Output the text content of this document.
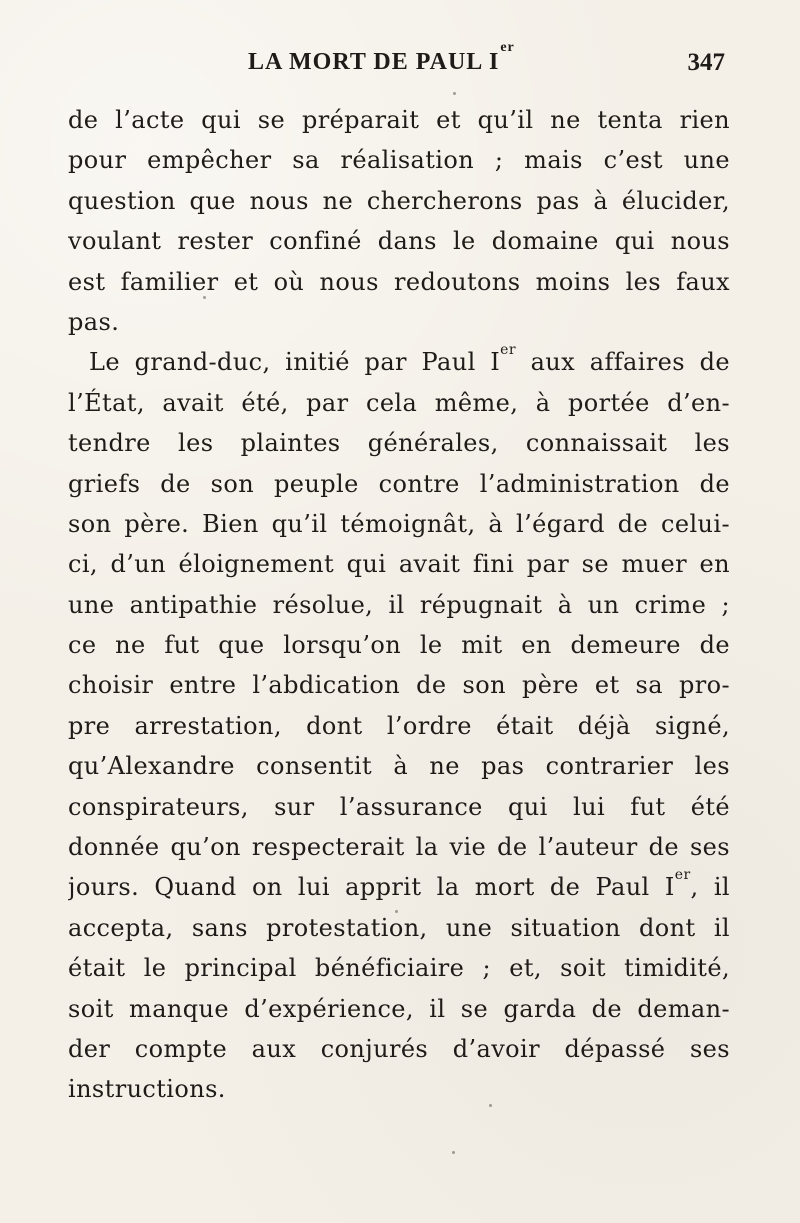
LA MORT DE PAUL Ier
347
de l’acte qui se préparait et qu’il ne tenta rien
pour empêcher sa réalisation ; mais c’est une
question que nous ne chercherons pas à élucider,
voulant rester confiné dans le domaine qui nous
est familier et où nous redoutons moins les faux
pas.
Le grand-duc, initié par Paul Ier aux affaires de
l’État, avait été, par cela même, à portée d’en-
tendre les plaintes générales, connaissait les
griefs de son peuple contre l’administration de
son père. Bien qu’il témoignât, à l’égard de celui-
ci, d’un éloignement qui avait fini par se muer en
une antipathie résolue, il répugnait à un crime ;
ce ne fut que lorsqu’on le mit en demeure de
choisir entre l’abdication de son père et sa pro-
pre arrestation, dont l’ordre était déjà signé,
qu’Alexandre consentit à ne pas contrarier les
conspirateurs, sur l’assurance qui lui fut été
donnée qu’on respecterait la vie de l’auteur de ses
jours. Quand on lui apprit la mort de Paul Ier, il
accepta, sans protestation, une situation dont il
était le principal bénéficiaire ; et, soit timidité,
soit manque d’expérience, il se garda de deman-
der compte aux conjurés d’avoir dépassé ses
instructions.
